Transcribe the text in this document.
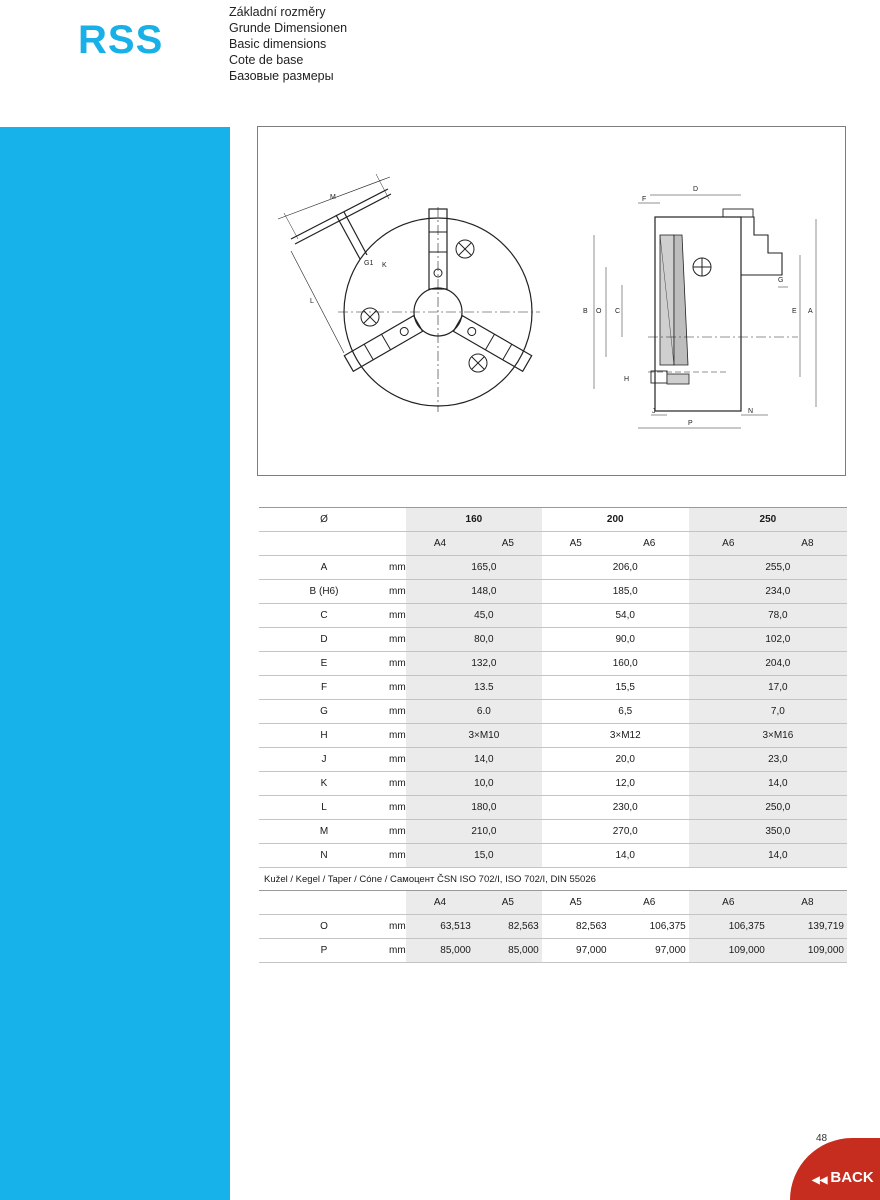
RSS
Základní rozměry
Grunde Dimensionen
Basic dimensions
Cote de base
Базовые размеры
M
L
K
G1
D
F
B O C	E A
G
H
J	N
P
Ø		160		200		250	
		A4	A5	A5	A6	A6	A8
A	mm	165,0		206,0		255,0	
B (H6)	mm	148,0		185,0		234,0	
C	mm	45,0		54,0		78,0	
D	mm	80,0		90,0		102,0	
E	mm	132,0		160,0		204,0	
F	mm	13.5		15,5		17,0	
G	mm	6.0		6,5		7,0	
H	mm	3×M10		3×M12		3×M16	
J	mm	14,0		20,0		23,0	
K	mm	10,0		12,0		14,0	
L	mm	180,0		230,0		250,0	
M	mm	210,0		270,0		350,0	
N	mm	15,0		14,0		14,0	
Kužel / Kegel / Taper / Cóne / Самоцент ČSN ISO 702/I, ISO 702/I, DIN 55026							
		A4	A5	A5	A6	A6	A8
O	mm	63,513	82,563	82,563	106,375	106,375	139,719
P	mm	85,000	85,000	97,000	97,000	109,000	109,000
48
◀◀ BACK
